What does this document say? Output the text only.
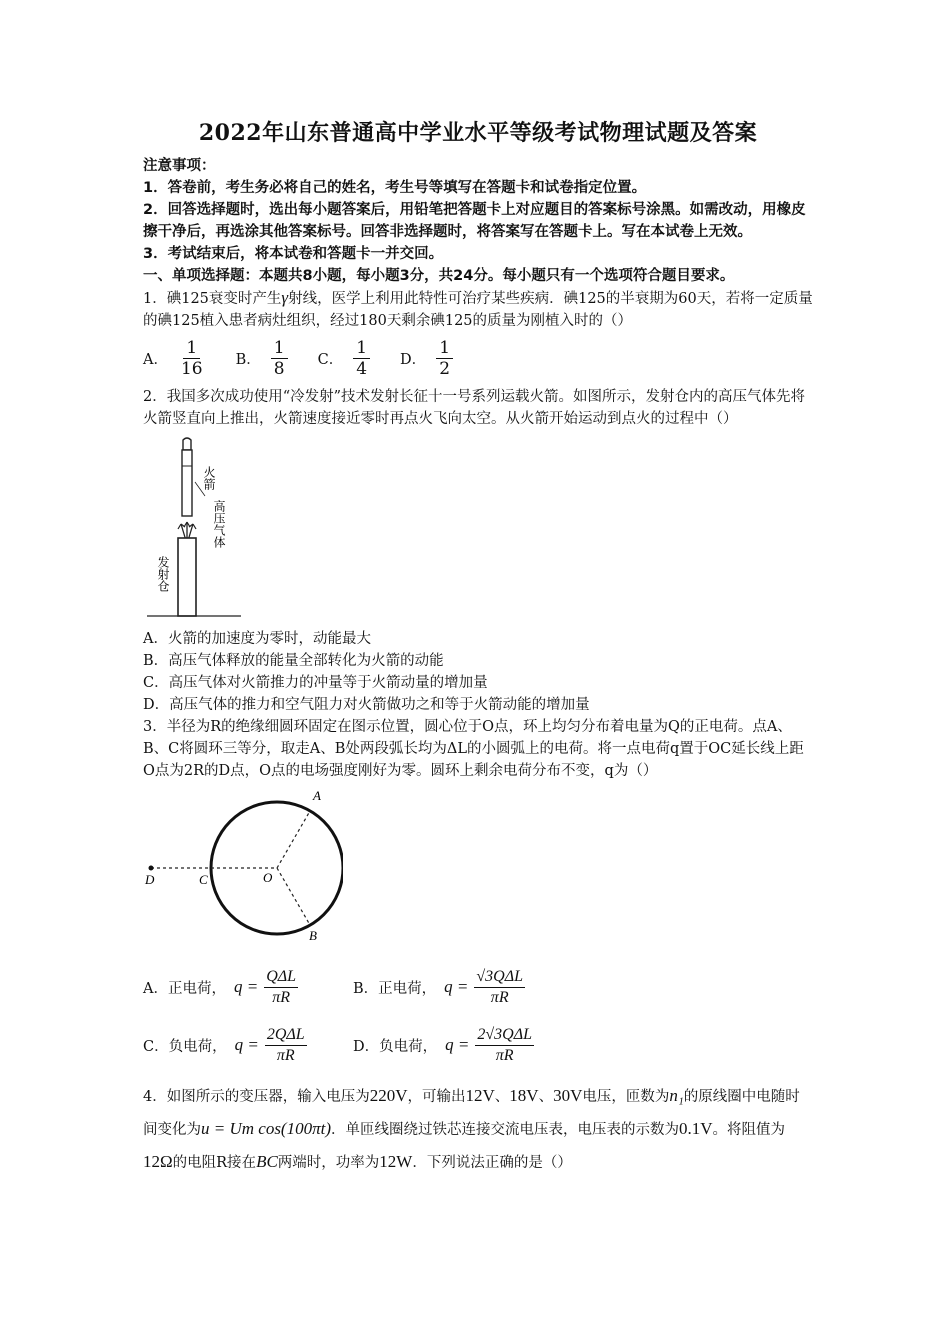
2022年山东普通高中学业水平等级考试物理试题及答案

注意事项：

1．答卷前，考生务必将自己的姓名，考生号等填写在答题卡和试卷指定位置。

2．回答选择题时，选出每小题答案后，用铅笔把答题卡上对应题目的答案标号涂黑。如需改动，用橡皮擦干净后，再选涂其他答案标号。回答非选择题时，将答案写在答题卡上。写在本试卷上无效。

3．考试结束后，将本试卷和答题卡一并交回。

一、单项选择题：本题共8小题，每小题3分，共24分。每小题只有一个选项符合题目要求。

1．碘125衰变时产生γ射线，医学上利用此特性可治疗某些疾病．碘125的半衰期为60天，若将一定质量的碘125植入患者病灶组织，经过180天剩余碘125的质量为刚植入时的（）

A． $\frac{1}{16}$ B． $\frac{1}{8}$ C． $\frac{1}{4}$ D． $\frac{1}{2}$

2．我国多次成功使用“冷发射”技术发射长征十一号系列运载火箭。如图所示，发射仓内的高压气体先将火箭竖直向上推出，火箭速度接近零时再点火飞向太空。从火箭开始运动到点火的过程中（）

火箭
高压气体
发射仓

A．火箭的加速度为零时，动能最大

B．高压气体释放的能量全部转化为火箭的动能

C．高压气体对火箭推力的冲量等于火箭动量的增加量

D．高压气体的推力和空气阻力对火箭做功之和等于火箭动能的增加量

3．半径为R的绝缘细圆环固定在图示位置，圆心位于O点，环上均匀分布着电量为Q的正电荷。点A、B、C将圆环三等分，取走A、B处两段弧长均为ΔL的小圆弧上的电荷。将一点电荷q置于OC延长线上距O点为2R的D点，O点的电场强度刚好为零。圆环上剩余电荷分布不变，q为（）

A
B
C
D	O
A．正电荷， q =
QΔL
πR	B．正电荷， q =
√3QΔL
πR
C．负电荷， q =
2QΔL
πR	D．负电荷， q =
2√3QΔL
πR

4．如图所示的变压器，输入电压为220V，可输出12V、18V、30V电压，匝数为n₁的原线圈中电随时间变化为u = Um cos(100πt)．单匝线圈绕过铁芯连接交流电压表，电压表的示数为0.1V。将阻值为12Ω的电阻R接在BC两端时，功率为12W．下列说法正确的是（）
